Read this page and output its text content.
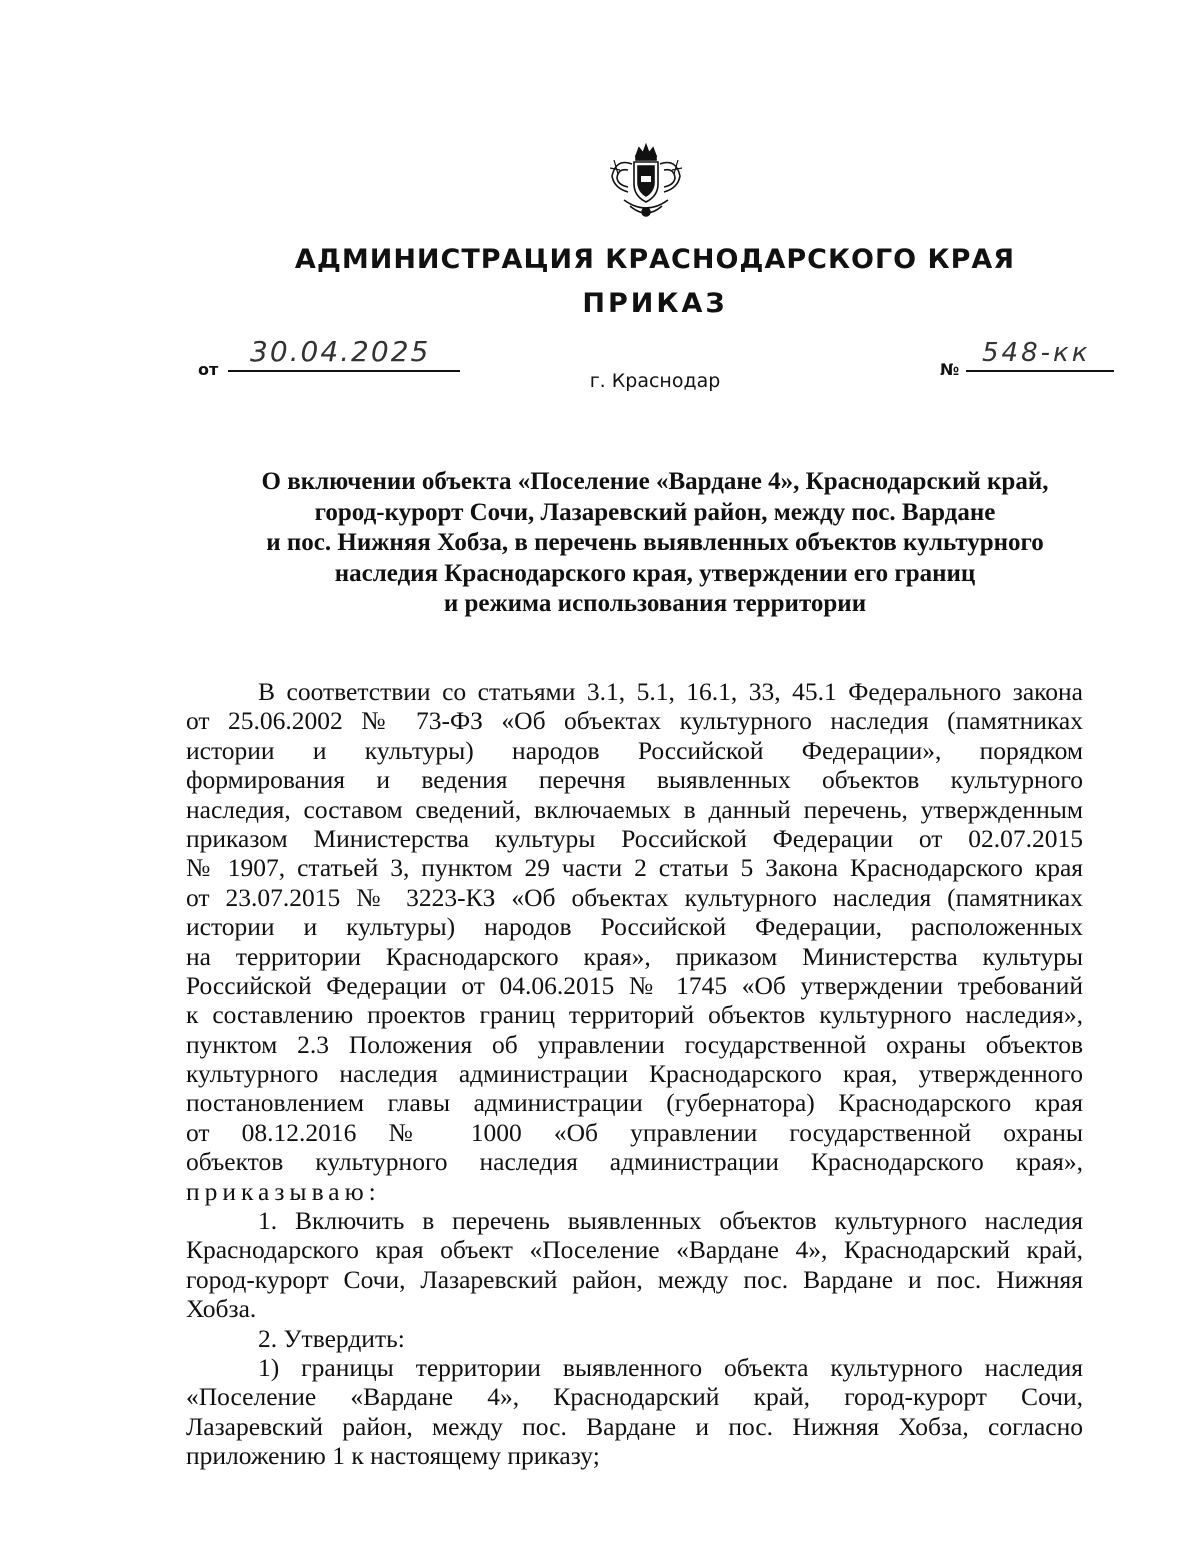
АДМИНИСТРАЦИЯ КРАСНОДАРСКОГО КРАЯ
ПРИКАЗ
от
30.04.2025
№
548-кк
г. Краснодар
О включении объекта «Поселение «Вардане 4», Краснодарский край,
город-курорт Сочи, Лазаревский район, между пос. Вардане
и пос. Нижняя Хобза, в перечень выявленных объектов культурного
наследия Краснодарского края, утверждении его границ
и режима использования территории
В соответствии со статьями 3.1, 5.1, 16.1, 33, 45.1 Федерального закона
от 25.06.2002 № 73-ФЗ «Об объектах культурного наследия (памятниках
истории и культуры) народов Российской Федерации», порядком
формирования и ведения перечня выявленных объектов культурного
наследия, составом сведений, включаемых в данный перечень, утвержденным
приказом Министерства культуры Российской Федерации от 02.07.2015
№ 1907, статьей 3, пунктом 29 части 2 статьи 5 Закона Краснодарского края
от 23.07.2015 № 3223-КЗ «Об объектах культурного наследия (памятниках
истории и культуры) народов Российской Федерации, расположенных
на территории Краснодарского края», приказом Министерства культуры
Российской Федерации от 04.06.2015 № 1745 «Об утверждении требований
к составлению проектов границ территорий объектов культурного наследия»,
пунктом 2.3 Положения об управлении государственной охраны объектов
культурного наследия администрации Краснодарского края, утвержденного
постановлением главы администрации (губернатора) Краснодарского края
от 08.12.2016 № 1000 «Об управлении государственной охраны
объектов культурного наследия администрации Краснодарского края»,
приказываю:
1. Включить в перечень выявленных объектов культурного наследия
Краснодарского края объект «Поселение «Вардане 4», Краснодарский край,
город-курорт Сочи, Лазаревский район, между пос. Вардане и пос. Нижняя
Хобза.
2. Утвердить:
1) границы территории выявленного объекта культурного наследия
«Поселение «Вардане 4», Краснодарский край, город-курорт Сочи,
Лазаревский район, между пос. Вардане и пос. Нижняя Хобза, согласно
приложению 1 к настоящему приказу;
